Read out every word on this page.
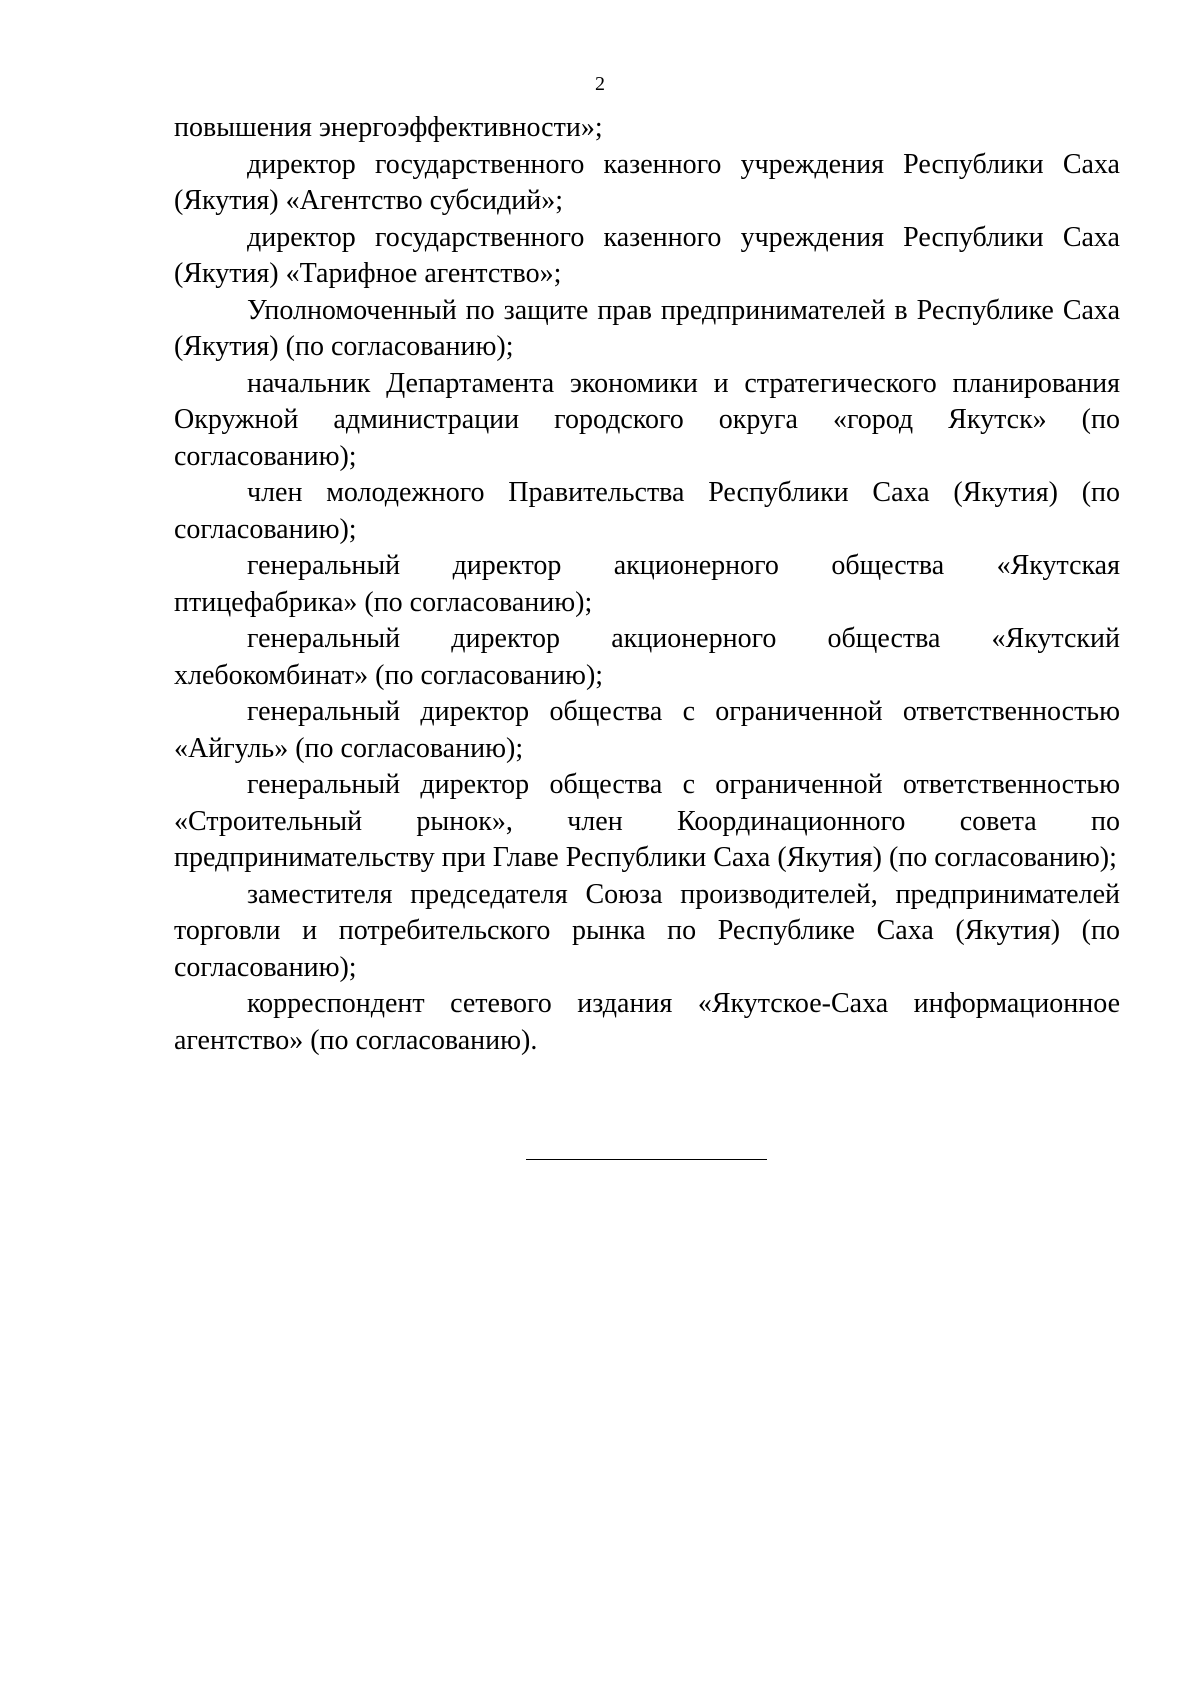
2

повышения энергоэффективности»;

директор государственного казенного учреждения Республики Саха (Якутия) «Агентство субсидий»;

директор государственного казенного учреждения Республики Саха (Якутия) «Тарифное агентство»;

Уполномоченный по защите прав предпринимателей в Республике Саха (Якутия) (по согласованию);

начальник Департамента экономики и стратегического планирования Окружной администрации городского округа «город Якутск» (по согласованию);

член молодежного Правительства Республики Саха (Якутия) (по согласованию);

генеральный директор акционерного общества «Якутская птицефабрика» (по согласованию);

генеральный директор акционерного общества «Якутский хлебокомбинат» (по согласованию);

генеральный директор общества с ограниченной ответственностью «Айгуль» (по согласованию);

генеральный директор общества с ограниченной ответственностью «Строительный рынок», член Координационного совета по предпринимательству при Главе Республики Саха (Якутия) (по согласованию);

заместителя председателя Союза производителей, предпринимателей торговли и потребительского рынка по Республике Саха (Якутия) (по согласованию);

корреспондент сетевого издания «Якутское-Саха информационное агентство» (по согласованию).
